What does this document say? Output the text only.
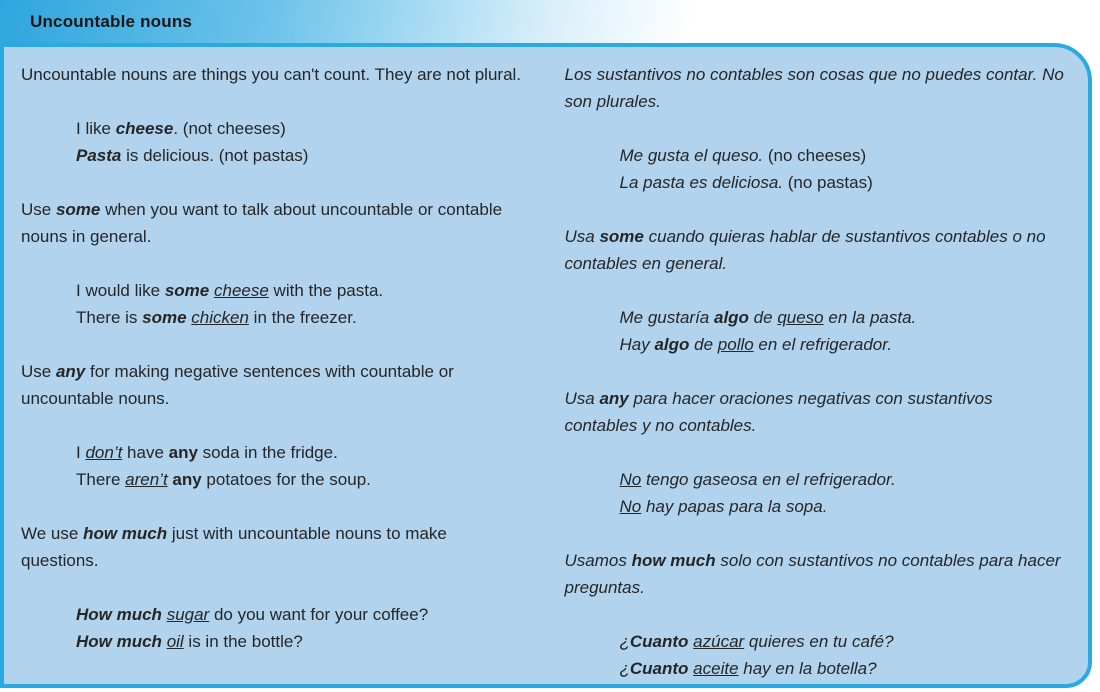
Uncountable nouns

Uncountable nouns are things you can't count. They are not plural.

I like cheese. (not cheeses)

Pasta is delicious. (not pastas)

Use some when you want to talk about uncountable or contable nouns in general.

I would like some cheese with the pasta.

There is some chicken in the freezer.

Use any for making negative sentences with countable or uncountable nouns.

I don’t have any soda in the fridge.

There aren’t any potatoes for the soup.

We use how much just with uncountable nouns to make questions.

How much sugar do you want for your coffee?

How much oil is in the bottle?

Los sustantivos no contables son cosas que no puedes contar. No son plurales.

Me gusta el queso. (no cheeses)

La pasta es deliciosa. (no pastas)

Usa some cuando quieras hablar de sustantivos contables o no contables en general.

Me gustaría algo de queso en la pasta.

Hay algo de pollo en el refrigerador.

Usa any para hacer oraciones negativas con sustantivos contables y no contables.

No tengo gaseosa en el refrigerador.

No hay papas para la sopa.

Usamos how much solo con sustantivos no contables para hacer preguntas.

¿Cuanto azúcar quieres en tu café?

¿Cuanto aceite hay en la botella?
